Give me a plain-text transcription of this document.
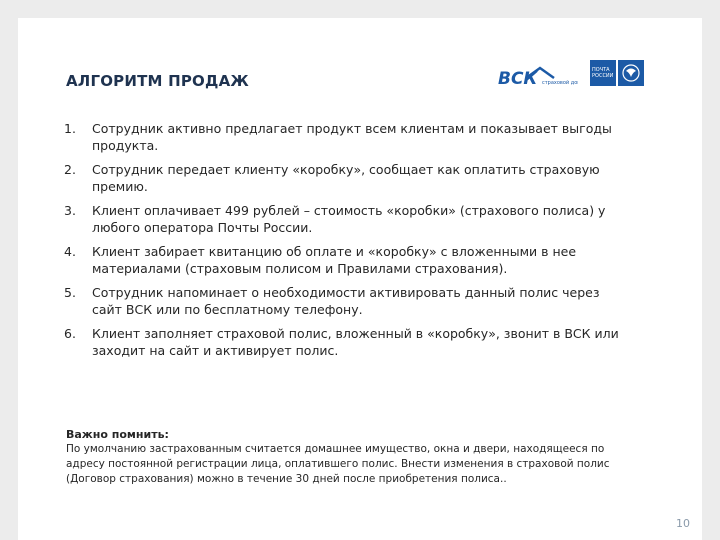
АЛГОРИТМ ПРОДАЖ	ВСК страховой дом
ПОЧТА
РОССИИ
1. Сотрудник активно предлагает продукт всем клиентам и показывает выгоды продукта.
2. Сотрудник передает клиенту «коробку», сообщает как оплатить страховую премию.
3. Клиент оплачивает 499 рублей – стоимость «коробки» (страхового полиса) у любого оператора Почты России.
4. Клиент забирает квитанцию об оплате и «коробку» с вложенными в нее материалами (страховым полисом и Правилами страхования).
5. Сотрудник напоминает о необходимости активировать данный полис через сайт ВСК или по бесплатному телефону.
6. Клиент заполняет страховой полис, вложенный в «коробку», звонит в ВСК или заходит на сайт и активирует полис.
Важно помнить:
По умолчанию застрахованным считается домашнее имущество, окна и двери, находящееся по адресу постоянной регистрации лица, оплатившего полис. Внести изменения в страховой полис (Договор страхования) можно в течение 30 дней после приобретения полиса..
10
